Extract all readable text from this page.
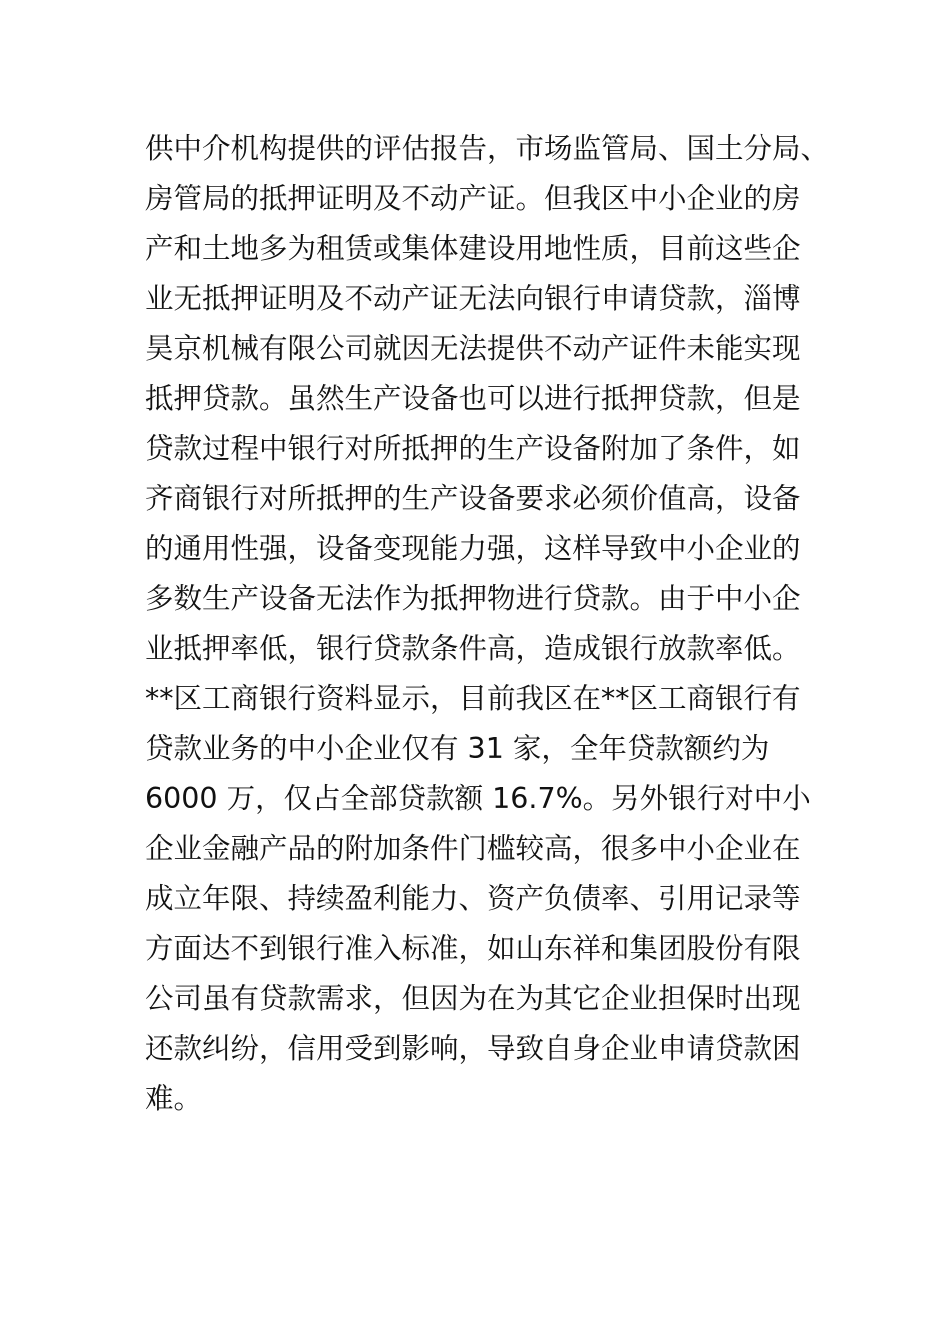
供中介机构提供的评估报告，市场监管局、国土分局、
房管局的抵押证明及不动产证。但我区中小企业的房
产和土地多为租赁或集体建设用地性质，目前这些企
业无抵押证明及不动产证无法向银行申请贷款，淄博
昊京机械有限公司就因无法提供不动产证件未能实现
抵押贷款。虽然生产设备也可以进行抵押贷款，但是
贷款过程中银行对所抵押的生产设备附加了条件，如
齐商银行对所抵押的生产设备要求必须价值高，设备
的通用性强，设备变现能力强，这样导致中小企业的
多数生产设备无法作为抵押物进行贷款。由于中小企
业抵押率低，银行贷款条件高，造成银行放款率低。
**区工商银行资料显示，目前我区在**区工商银行有
贷款业务的中小企业仅有 31 家，全年贷款额约为
6000 万，仅占全部贷款额 16.7%。另外银行对中小
企业金融产品的附加条件门槛较高，很多中小企业在
成立年限、持续盈利能力、资产负债率、引用记录等
方面达不到银行准入标准，如山东祥和集团股份有限
公司虽有贷款需求，但因为在为其它企业担保时出现
还款纠纷，信用受到影响，导致自身企业申请贷款困
难。
